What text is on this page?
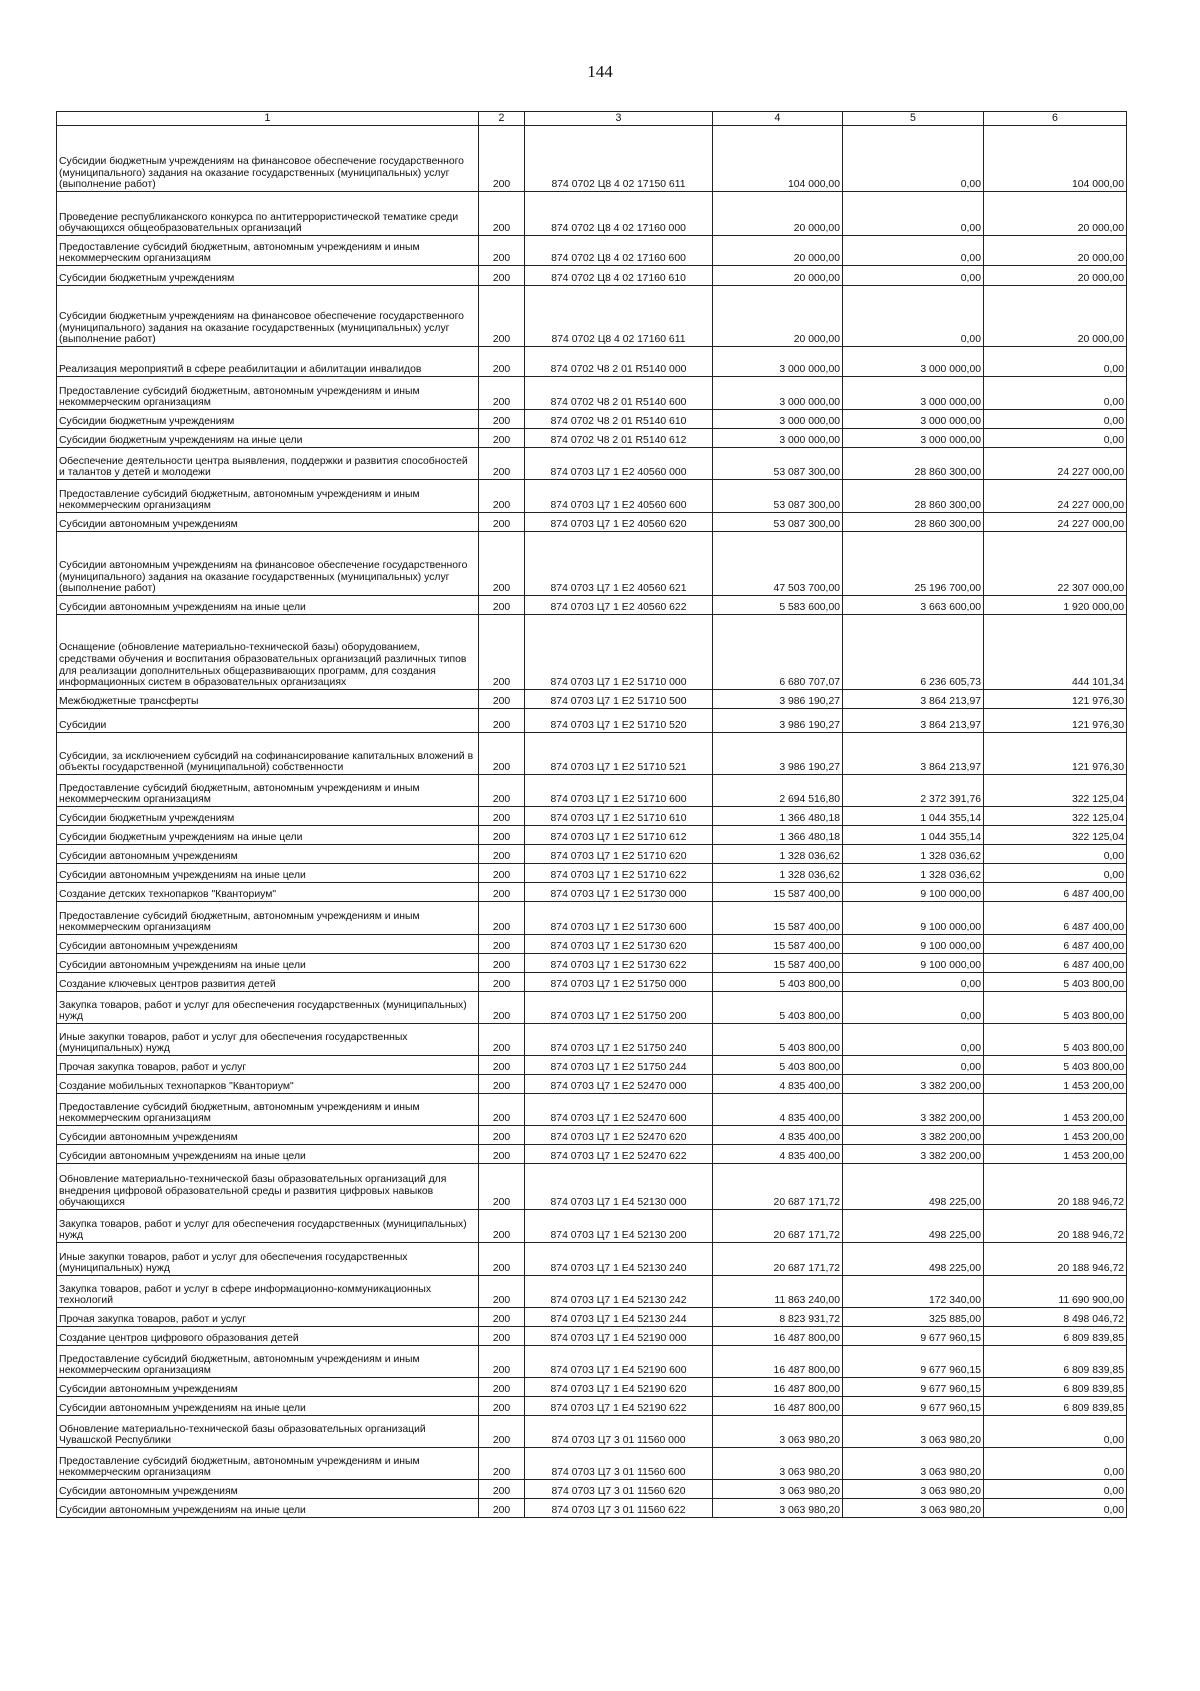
144
1	2	3	4	5	6
Субсидии бюджетным учреждениям на финансовое обеспечение государственного (муниципального) задания на оказание государственных (муниципальных) услуг (выполнение работ)	200	874 0702 Ц8 4 02 17150 611	104 000,00	0,00	104 000,00
Проведение республиканского конкурса по антитеррористической тематике среди обучающихся общеобразовательных организаций	200	874 0702 Ц8 4 02 17160 000	20 000,00	0,00	20 000,00
Предоставление субсидий бюджетным, автономным учреждениям и иным некоммерческим организациям	200	874 0702 Ц8 4 02 17160 600	20 000,00	0,00	20 000,00
Субсидии бюджетным учреждениям	200	874 0702 Ц8 4 02 17160 610	20 000,00	0,00	20 000,00
Субсидии бюджетным учреждениям на финансовое обеспечение государственного (муниципального) задания на оказание государственных (муниципальных) услуг (выполнение работ)	200	874 0702 Ц8 4 02 17160 611	20 000,00	0,00	20 000,00
Реализация мероприятий в сфере реабилитации и абилитации инвалидов	200	874 0702 Ч8 2 01 R5140 000	3 000 000,00	3 000 000,00	0,00
Предоставление субсидий бюджетным, автономным учреждениям и иным некоммерческим организациям	200	874 0702 Ч8 2 01 R5140 600	3 000 000,00	3 000 000,00	0,00
Субсидии бюджетным учреждениям	200	874 0702 Ч8 2 01 R5140 610	3 000 000,00	3 000 000,00	0,00
Субсидии бюджетным учреждениям на иные цели	200	874 0702 Ч8 2 01 R5140 612	3 000 000,00	3 000 000,00	0,00
Обеспечение деятельности центра выявления, поддержки и развития способностей и талантов у детей и молодежи	200	874 0703 Ц7 1 E2 40560 000	53 087 300,00	28 860 300,00	24 227 000,00
Предоставление субсидий бюджетным, автономным учреждениям и иным некоммерческим организациям	200	874 0703 Ц7 1 E2 40560 600	53 087 300,00	28 860 300,00	24 227 000,00
Субсидии автономным учреждениям	200	874 0703 Ц7 1 E2 40560 620	53 087 300,00	28 860 300,00	24 227 000,00
Субсидии автономным учреждениям на финансовое обеспечение государственного (муниципального) задания на оказание государственных (муниципальных) услуг (выполнение работ)	200	874 0703 Ц7 1 E2 40560 621	47 503 700,00	25 196 700,00	22 307 000,00
Субсидии автономным учреждениям на иные цели	200	874 0703 Ц7 1 E2 40560 622	5 583 600,00	3 663 600,00	1 920 000,00
Оснащение (обновление материально-технической базы) оборудованием, средствами обучения и воспитания образовательных организаций различных типов для реализации дополнительных общеразвивающих программ, для создания информационных систем в образовательных организациях	200	874 0703 Ц7 1 E2 51710 000	6 680 707,07	6 236 605,73	444 101,34
Межбюджетные трансферты	200	874 0703 Ц7 1 E2 51710 500	3 986 190,27	3 864 213,97	121 976,30
Субсидии	200	874 0703 Ц7 1 E2 51710 520	3 986 190,27	3 864 213,97	121 976,30
Субсидии, за исключением субсидий на софинансирование капитальных вложений в объекты государственной (муниципальной) собственности	200	874 0703 Ц7 1 E2 51710 521	3 986 190,27	3 864 213,97	121 976,30
Предоставление субсидий бюджетным, автономным учреждениям и иным некоммерческим организациям	200	874 0703 Ц7 1 E2 51710 600	2 694 516,80	2 372 391,76	322 125,04
Субсидии бюджетным учреждениям	200	874 0703 Ц7 1 E2 51710 610	1 366 480,18	1 044 355,14	322 125,04
Субсидии бюджетным учреждениям на иные цели	200	874 0703 Ц7 1 E2 51710 612	1 366 480,18	1 044 355,14	322 125,04
Субсидии автономным учреждениям	200	874 0703 Ц7 1 E2 51710 620	1 328 036,62	1 328 036,62	0,00
Субсидии автономным учреждениям на иные цели	200	874 0703 Ц7 1 E2 51710 622	1 328 036,62	1 328 036,62	0,00
Создание детских технопарков "Кванториум"	200	874 0703 Ц7 1 E2 51730 000	15 587 400,00	9 100 000,00	6 487 400,00
Предоставление субсидий бюджетным, автономным учреждениям и иным некоммерческим организациям	200	874 0703 Ц7 1 E2 51730 600	15 587 400,00	9 100 000,00	6 487 400,00
Субсидии автономным учреждениям	200	874 0703 Ц7 1 E2 51730 620	15 587 400,00	9 100 000,00	6 487 400,00
Субсидии автономным учреждениям на иные цели	200	874 0703 Ц7 1 E2 51730 622	15 587 400,00	9 100 000,00	6 487 400,00
Создание ключевых центров развития детей	200	874 0703 Ц7 1 E2 51750 000	5 403 800,00	0,00	5 403 800,00
Закупка товаров, работ и услуг для обеспечения государственных (муниципальных) нужд	200	874 0703 Ц7 1 E2 51750 200	5 403 800,00	0,00	5 403 800,00
Иные закупки товаров, работ и услуг для обеспечения государственных (муниципальных) нужд	200	874 0703 Ц7 1 E2 51750 240	5 403 800,00	0,00	5 403 800,00
Прочая закупка товаров, работ и услуг	200	874 0703 Ц7 1 E2 51750 244	5 403 800,00	0,00	5 403 800,00
Создание мобильных технопарков "Кванториум"	200	874 0703 Ц7 1 E2 52470 000	4 835 400,00	3 382 200,00	1 453 200,00
Предоставление субсидий бюджетным, автономным учреждениям и иным некоммерческим организациям	200	874 0703 Ц7 1 E2 52470 600	4 835 400,00	3 382 200,00	1 453 200,00
Субсидии автономным учреждениям	200	874 0703 Ц7 1 E2 52470 620	4 835 400,00	3 382 200,00	1 453 200,00
Субсидии автономным учреждениям на иные цели	200	874 0703 Ц7 1 E2 52470 622	4 835 400,00	3 382 200,00	1 453 200,00
Обновление материально-технической базы образовательных организаций для внедрения цифровой образовательной среды и развития цифровых навыков обучающихся	200	874 0703 Ц7 1 E4 52130 000	20 687 171,72	498 225,00	20 188 946,72
Закупка товаров, работ и услуг для обеспечения государственных (муниципальных) нужд	200	874 0703 Ц7 1 E4 52130 200	20 687 171,72	498 225,00	20 188 946,72
Иные закупки товаров, работ и услуг для обеспечения государственных (муниципальных) нужд	200	874 0703 Ц7 1 E4 52130 240	20 687 171,72	498 225,00	20 188 946,72
Закупка товаров, работ и услуг в сфере информационно-коммуникационных технологий	200	874 0703 Ц7 1 E4 52130 242	11 863 240,00	172 340,00	11 690 900,00
Прочая закупка товаров, работ и услуг	200	874 0703 Ц7 1 E4 52130 244	8 823 931,72	325 885,00	8 498 046,72
Создание центров цифрового образования детей	200	874 0703 Ц7 1 E4 52190 000	16 487 800,00	9 677 960,15	6 809 839,85
Предоставление субсидий бюджетным, автономным учреждениям и иным некоммерческим организациям	200	874 0703 Ц7 1 E4 52190 600	16 487 800,00	9 677 960,15	6 809 839,85
Субсидии автономным учреждениям	200	874 0703 Ц7 1 E4 52190 620	16 487 800,00	9 677 960,15	6 809 839,85
Субсидии автономным учреждениям на иные цели	200	874 0703 Ц7 1 E4 52190 622	16 487 800,00	9 677 960,15	6 809 839,85
Обновление материально-технической базы образовательных организаций Чувашской Республики	200	874 0703 Ц7 3 01 11560 000	3 063 980,20	3 063 980,20	0,00
Предоставление субсидий бюджетным, автономным учреждениям и иным некоммерческим организациям	200	874 0703 Ц7 3 01 11560 600	3 063 980,20	3 063 980,20	0,00
Субсидии автономным учреждениям	200	874 0703 Ц7 3 01 11560 620	3 063 980,20	3 063 980,20	0,00
Субсидии автономным учреждениям на иные цели	200	874 0703 Ц7 3 01 11560 622	3 063 980,20	3 063 980,20	0,00
